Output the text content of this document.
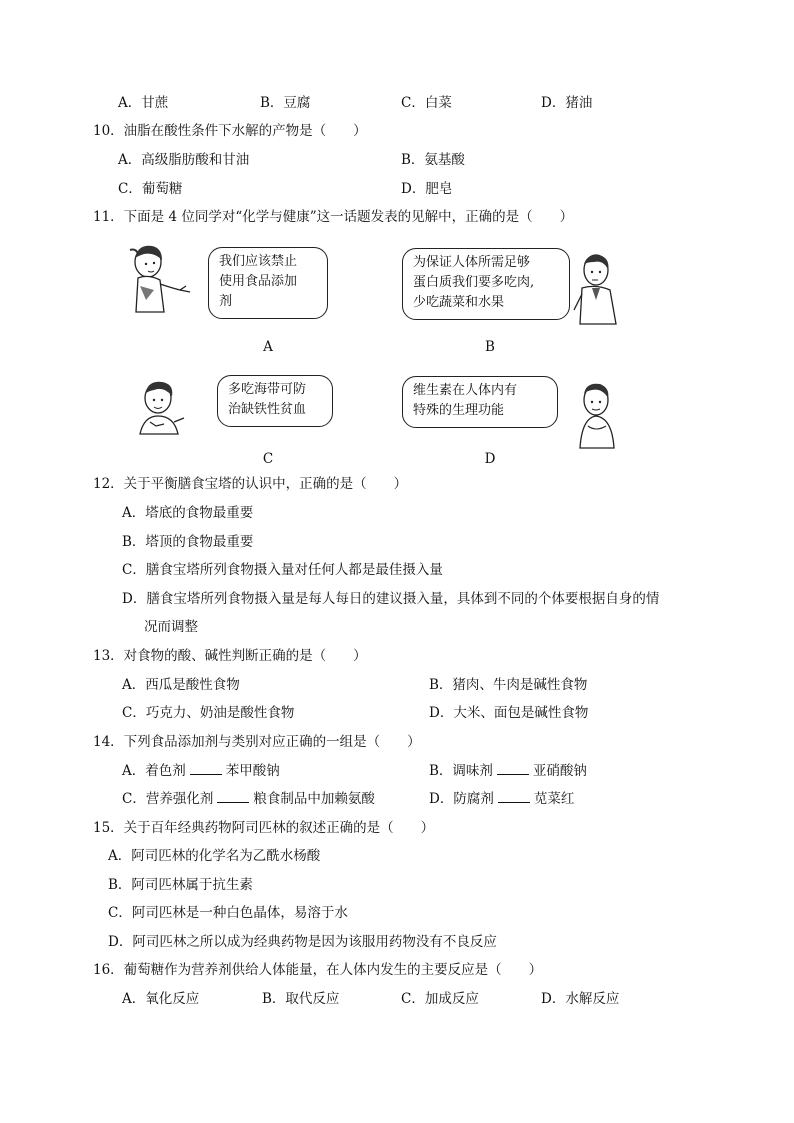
A．甘蔗	B．豆腐	C．白菜	D．猪油
10．油脂在酸性条件下水解的产物是（　　）
A．高级脂肪酸和甘油	B．氨基酸
C．葡萄糖	D．肥皂
11．下面是 4 位同学对“化学与健康”这一话题发表的见解中，正确的是（　　）
我们应该禁止
使用食品添加
剂
A
为保证人体所需足够
蛋白质我们要多吃肉,
少吃蔬菜和水果
B
多吃海带可防
治缺铁性贫血
C
维生素在人体内有
特殊的生理功能
D
12．关于平衡膳食宝塔的认识中，正确的是（　　）
A．塔底的食物最重要
B．塔顶的食物最重要
C．膳食宝塔所列食物摄入量对任何人都是最佳摄入量
D．膳食宝塔所列食物摄入量是每人每日的建议摄入量，具体到不同的个体要根据自身的情
况而调整
13．对食物的酸、碱性判断正确的是（　　）
A．西瓜是酸性食物	B．猪肉、牛肉是碱性食物
C．巧克力、奶油是酸性食物	D．大米、面包是碱性食物
14．下列食品添加剂与类别对应正确的一组是（　　）
A．着色剂	苯甲酸钠	B．调味剂	亚硝酸钠
C．营养强化剂	粮食制品中加赖氨酸	D．防腐剂	苋菜红
15．关于百年经典药物阿司匹林的叙述正确的是（　　）
A．阿司匹林的化学名为乙酰水杨酸
B．阿司匹林属于抗生素
C．阿司匹林是一种白色晶体，易溶于水
D．阿司匹林之所以成为经典药物是因为该服用药物没有不良反应
16．葡萄糖作为营养剂供给人体能量，在人体内发生的主要反应是（　　）
A．氧化反应	B．取代反应	C．加成反应	D．水解反应
